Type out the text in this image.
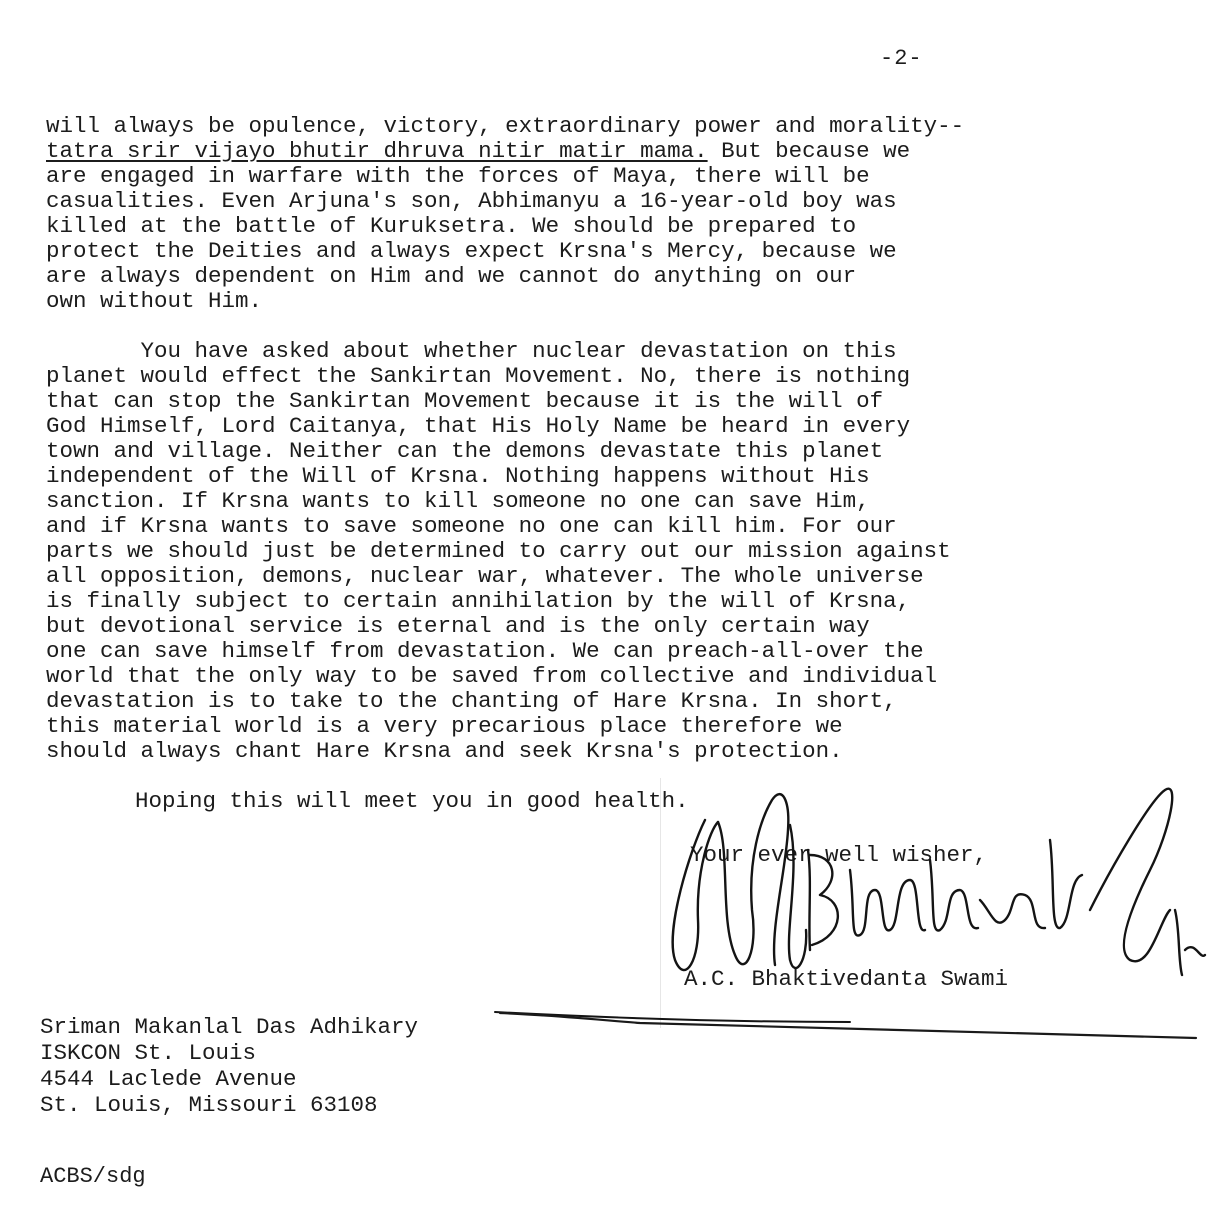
-2-
will always be opulence, victory, extraordinary power and morality--
tatra srir vijayo bhutir dhruva nitir matir mama. But because we
are engaged in warfare with the forces of Maya, there will be
casualities. Even Arjuna's son, Abhimanyu a 16-year-old boy was
killed at the battle of Kuruksetra. We should be prepared to
protect the Deities and always expect Krsna's Mercy, because we
are always dependent on Him and we cannot do anything on our
own without Him.
You have asked about whether nuclear devastation on this
planet would effect the Sankirtan Movement. No, there is nothing
that can stop the Sankirtan Movement because it is the will of
God Himself, Lord Caitanya, that His Holy Name be heard in every
town and village. Neither can the demons devastate this planet
independent of the Will of Krsna. Nothing happens without His
sanction. If Krsna wants to kill someone no one can save Him,
and if Krsna wants to save someone no one can kill him. For our
parts we should just be determined to carry out our mission against
all opposition, demons, nuclear war, whatever. The whole universe
is finally subject to certain annihilation by the will of Krsna,
but devotional service is eternal and is the only certain way
one can save himself from devastation. We can preach-all-over the
world that the only way to be saved from collective and individual
devastation is to take to the chanting of Hare Krsna. In short,
this material world is a very precarious place therefore we
should always chant Hare Krsna and seek Krsna's protection.
Hoping this will meet you in good health.
Your ever well wisher,
A.C. Bhaktivedanta Swami
Sriman Makanlal Das Adhikary
ISKCON St. Louis
4544 Laclede Avenue
St. Louis, Missouri 63108
ACBS/sdg
